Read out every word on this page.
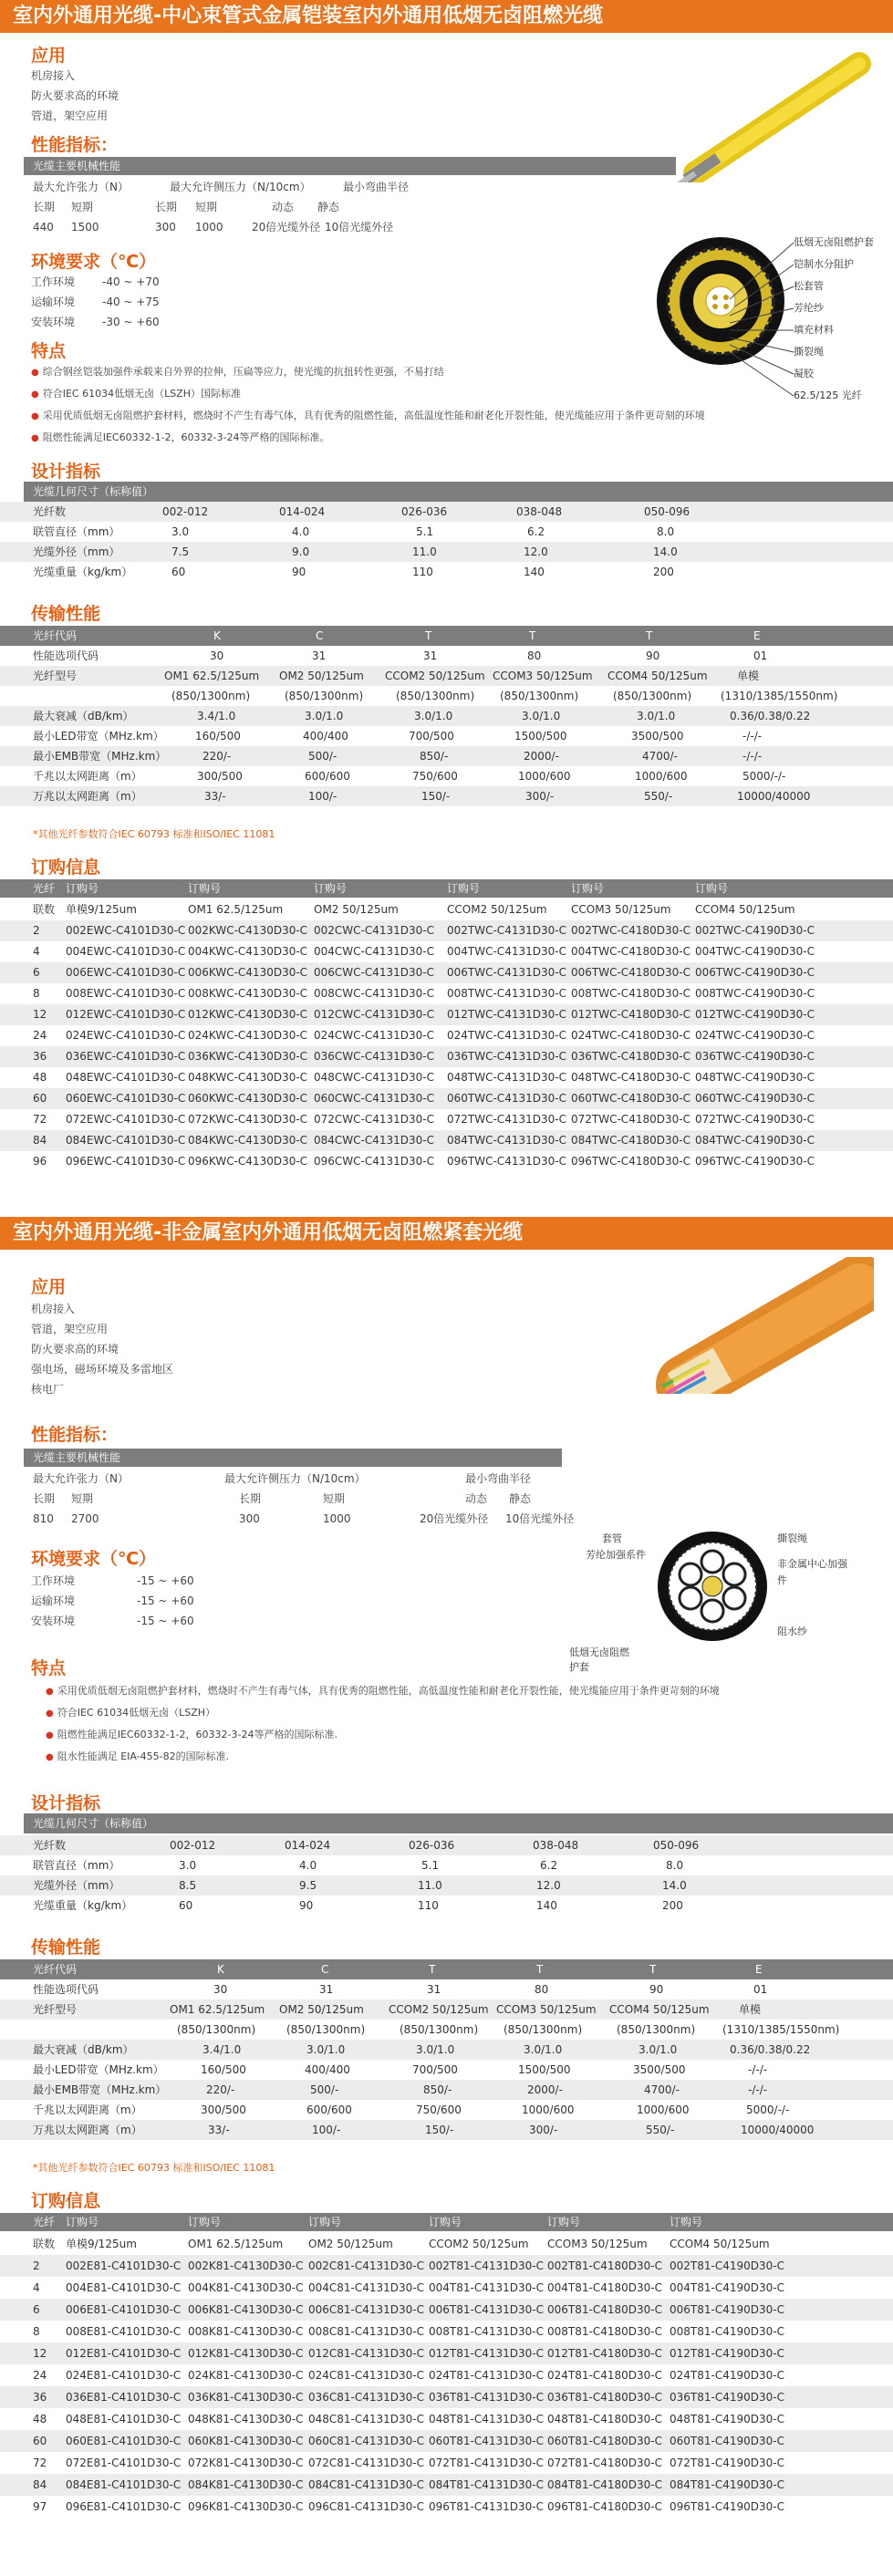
室内外通用光缆-中心束管式金属铠装室内外通用低烟无卤阻燃光缆
应用
机房接入
防火要求高的环境
管道，架空应用
性能指标：
光缆主要机械性能
最大允许张力（N）	最大允许侧压力（N/10cm）	最小弯曲半径
长期 短期	长期 短期	动态 静态
440 1500	300 1000	20倍光缆外径 10倍光缆外径
环境要求（℃）
工作环境 -40 ~ +70
运输环境 -40 ~ +75
安装环境 -30 ~ +60
特点
● 综合钢丝铠装加强件承载来自外界的拉伸，压扁等应力，使光缆的抗扭转性更强，不易打结
● 符合IEC 61034低烟无卤（LSZH）国际标准
● 采用优质低烟无卤阻燃护套材料，燃烧时不产生有毒气体，具有优秀的阻燃性能，高低温度性能和耐老化开裂性能，使光缆能应用于条件更苛刻的环境
● 阻燃性能满足IEC60332-1-2，60332-3-24等严格的国际标准。
低烟无卤阻燃护套
铠制水分阻护
松套管
芳纶纱
填充材料
撕裂绳
凝胶
62.5/125 光纤
设计指标
光缆几何尺寸（标称值）
光纤数	002-012	014-024	026-036	038-048	050-096
联管直径（mm）	3.0	4.0	5.1	6.2	8.0
光缆外径（mm）	7.5	9.0	11.0	12.0	14.0
光缆重量（kg/km）	60	90	110	140	200
传输性能
光纤代码	K	C	T	T	T	E
性能选项代码	30	31	31	80	90	01
光纤型号	OM1 62.5/125um OM2 50/125um CCOM2 50/125um CCOM3 50/125um CCOM4 50/125um	单模
(850/1300nm)	(850/1300nm)	(850/1300nm) (850/1300nm)	(850/1300nm)	(1310/1385/1550nm)
最大衰减（dB/km）	3.4/1.0	3.0/1.0	3.0/1.0	3.0/1.0	3.0/1.0	0.36/0.38/0.22
最小LED带宽（MHz.km）	160/500	400/400	700/500	1500/500	3500/500	-/-/-
最小EMB带宽（MHz.km）	220/-	500/-	850/-	2000/-	4700/-	-/-/-
千兆以太网距离（m）	300/500	600/600	750/600	1000/600	1000/600	5000/-/-
万兆以太网距离（m）	33/-	100/-	150/-	300/-	550/-	10000/40000
*其他光纤参数符合IEC 60793 标准和ISO/IEC 11081
订购信息
光纤 订购号	订购号	订购号	订购号	订购号	订购号
联数 单模9/125um	OM1 62.5/125um	OM2 50/125um	CCOM2 50/125um CCOM3 50/125um CCOM4 50/125um
2 002EWC-C4101D30-C 002KWC-C4130D30-C 002CWC-C4131D30-C 002TWC-C4131D30-C 002TWC-C4180D30-C 002TWC-C4190D30-C
4 004EWC-C4101D30-C 004KWC-C4130D30-C 004CWC-C4131D30-C 004TWC-C4131D30-C 004TWC-C4180D30-C 004TWC-C4190D30-C
6 006EWC-C4101D30-C 006KWC-C4130D30-C 006CWC-C4131D30-C 006TWC-C4131D30-C 006TWC-C4180D30-C 006TWC-C4190D30-C
8 008EWC-C4101D30-C 008KWC-C4130D30-C 008CWC-C4131D30-C 008TWC-C4131D30-C 008TWC-C4180D30-C 008TWC-C4190D30-C
12 012EWC-C4101D30-C 012KWC-C4130D30-C 012CWC-C4131D30-C 012TWC-C4131D30-C 012TWC-C4180D30-C 012TWC-C4190D30-C
24 024EWC-C4101D30-C 024KWC-C4130D30-C 024CWC-C4131D30-C 024TWC-C4131D30-C 024TWC-C4180D30-C 024TWC-C4190D30-C
36 036EWC-C4101D30-C 036KWC-C4130D30-C 036CWC-C4131D30-C 036TWC-C4131D30-C 036TWC-C4180D30-C 036TWC-C4190D30-C
48 048EWC-C4101D30-C 048KWC-C4130D30-C 048CWC-C4131D30-C 048TWC-C4131D30-C 048TWC-C4180D30-C 048TWC-C4190D30-C
60 060EWC-C4101D30-C 060KWC-C4130D30-C 060CWC-C4131D30-C 060TWC-C4131D30-C 060TWC-C4180D30-C 060TWC-C4190D30-C
72 072EWC-C4101D30-C 072KWC-C4130D30-C 072CWC-C4131D30-C 072TWC-C4131D30-C 072TWC-C4180D30-C 072TWC-C4190D30-C
84 084EWC-C4101D30-C 084KWC-C4130D30-C 084CWC-C4131D30-C 084TWC-C4131D30-C 084TWC-C4180D30-C 084TWC-C4190D30-C
96 096EWC-C4101D30-C 096KWC-C4130D30-C 096CWC-C4131D30-C 096TWC-C4131D30-C 096TWC-C4180D30-C 096TWC-C4190D30-C
室内外通用光缆-非金属室内外通用低烟无卤阻燃紧套光缆
应用
机房接入
管道，架空应用
防火要求高的环境
强电场，磁场环境及多雷地区
核电厂
性能指标：
光缆主要机械性能
最大允许张力（N）	最大允许侧压力（N/10cm）	最小弯曲半径
长期 短期	长期	短期	动态 静态
810 2700	300	1000	20倍光缆外径 10倍光缆外径
环境要求（℃）
工作环境	-15 ~ +60
运输环境	-15 ~ +60
安装环境	-15 ~ +60
套管
芳纶加强系件
撕裂绳
非金属中心加强件
阻水纱
低烟无卤阻燃护套
特点
● 采用优质低烟无卤阻燃护套材料，燃烧时不产生有毒气体，具有优秀的阻燃性能，高低温度性能和耐老化开裂性能，使光缆能应用于条件更苛刻的环境
● 符合IEC 61034低烟无卤（LSZH）
● 阻燃性能满足IEC60332-1-2，60332-3-24等严格的国际标准.
● 阻水性能满足 EIA-455-82的国际标准.
设计指标
光缆几何尺寸（标称值）
光纤数	002-012	014-024	026-036	038-048	050-096
联管直径（mm）	3.0	4.0	5.1	6.2	8.0
光缆外径（mm）	8.5	9.5	11.0	12.0	14.0
光缆重量（kg/km）	60	90	110	140	200
传输性能
光纤代码	K	C	T	T	T	E
性能选项代码	30	31	31	80	90	01
光纤型号	OM1 62.5/125um OM2 50/125um CCOM2 50/125um CCOM3 50/125um CCOM4 50/125um	单模
(850/1300nm)	(850/1300nm)	(850/1300nm) (850/1300nm)	(850/1300nm) (1310/1385/1550nm)
最大衰减（dB/km）	3.4/1.0	3.0/1.0	3.0/1.0	3.0/1.0	3.0/1.0	0.36/0.38/0.22
最小LED带宽（MHz.km）	160/500	400/400	700/500	1500/500	3500/500	-/-/-
最小EMB带宽（MHz.km）	220/-	500/-	850/-	2000/-	4700/-	-/-/-
千兆以太网距离（m）	300/500	600/600	750/600	1000/600	1000/600	5000/-/-
万兆以太网距离（m）	33/-	100/-	150/-	300/-	550/-	10000/40000
*其他光纤参数符合IEC 60793 标准和ISO/IEC 11081
订购信息
光纤 订购号	订购号	订购号	订购号	订购号	订购号
联数 单模9/125um	OM1 62.5/125um OM2 50/125um	CCOM2 50/125um CCOM3 50/125um CCOM4 50/125um
2 002E81-C4101D30-C 002K81-C4130D30-C 002C81-C4131D30-C 002T81-C4131D30-C 002T81-C4180D30-C 002T81-C4190D30-C
4 004E81-C4101D30-C 004K81-C4130D30-C 004C81-C4131D30-C 004T81-C4131D30-C 004T81-C4180D30-C 004T81-C4190D30-C
6 006E81-C4101D30-C 006K81-C4130D30-C 006C81-C4131D30-C 006T81-C4131D30-C 006T81-C4180D30-C 006T81-C4190D30-C
8 008E81-C4101D30-C 008K81-C4130D30-C 008C81-C4131D30-C 008T81-C4131D30-C 008T81-C4180D30-C 008T81-C4190D30-C
12 012E81-C4101D30-C 012K81-C4130D30-C 012C81-C4131D30-C 012T81-C4131D30-C 012T81-C4180D30-C 012T81-C4190D30-C
24 024E81-C4101D30-C 024K81-C4130D30-C 024C81-C4131D30-C 024T81-C4131D30-C 024T81-C4180D30-C 024T81-C4190D30-C
36 036E81-C4101D30-C 036K81-C4130D30-C 036C81-C4131D30-C 036T81-C4131D30-C 036T81-C4180D30-C 036T81-C4190D30-C
48 048E81-C4101D30-C 048K81-C4130D30-C 048C81-C4131D30-C 048T81-C4131D30-C 048T81-C4180D30-C 048T81-C4190D30-C
60 060E81-C4101D30-C 060K81-C4130D30-C 060C81-C4131D30-C 060T81-C4131D30-C 060T81-C4180D30-C 060T81-C4190D30-C
72 072E81-C4101D30-C 072K81-C4130D30-C 072C81-C4131D30-C 072T81-C4131D30-C 072T81-C4180D30-C 072T81-C4190D30-C
84 084E81-C4101D30-C 084K81-C4130D30-C 084C81-C4131D30-C 084T81-C4131D30-C 084T81-C4180D30-C 084T81-C4190D30-C
97 096E81-C4101D30-C 096K81-C4130D30-C 096C81-C4131D30-C 096T81-C4131D30-C 096T81-C4180D30-C 096T81-C4190D30-C
